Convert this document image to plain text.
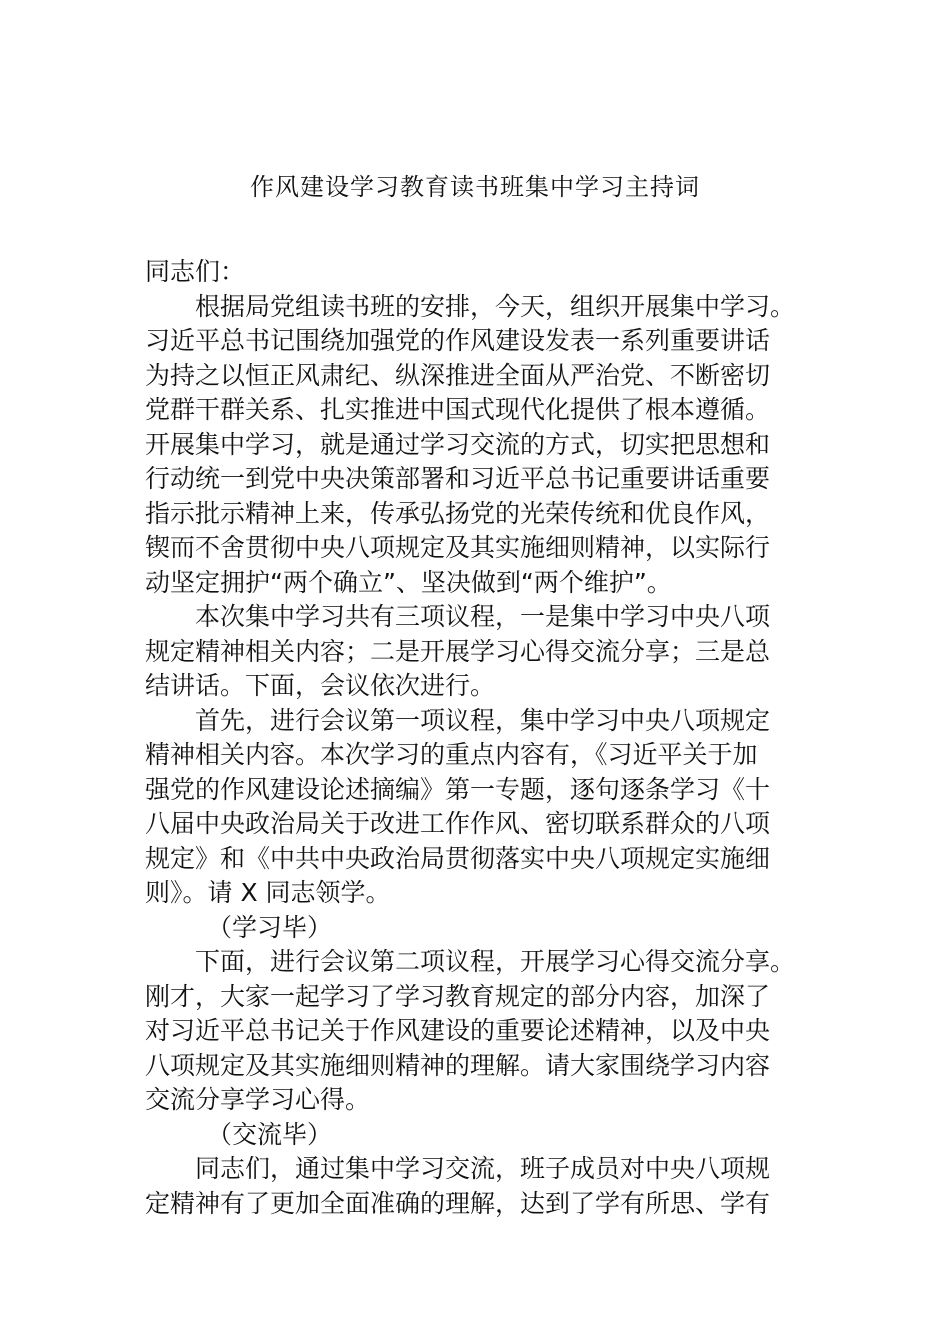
作风建设学习教育读书班集中学习主持词
同志们：
根据局党组读书班的安排，今天，组织开展集中学习。
习近平总书记围绕加强党的作风建设发表一系列重要讲话
为持之以恒正风肃纪、纵深推进全面从严治党、不断密切
党群干群关系、扎实推进中国式现代化提供了根本遵循。
开展集中学习，就是通过学习交流的方式，切实把思想和
行动统一到党中央决策部署和习近平总书记重要讲话重要
指示批示精神上来，传承弘扬党的光荣传统和优良作风，
锲而不舍贯彻中央八项规定及其实施细则精神，以实际行
动坚定拥护“两个确立”、坚决做到“两个维护”。
本次集中学习共有三项议程，一是集中学习中央八项
规定精神相关内容；二是开展学习心得交流分享；三是总
结讲话。下面，会议依次进行。
首先，进行会议第一项议程，集中学习中央八项规定
精神相关内容。本次学习的重点内容有，《习近平关于加
强党的作风建设论述摘编》第一专题，逐句逐条学习《十
八届中央政治局关于改进工作作风、密切联系群众的八项
规定》和《中共中央政治局贯彻落实中央八项规定实施细
则》。请 X 同志领学。
（学习毕）
下面，进行会议第二项议程，开展学习心得交流分享。
刚才，大家一起学习了学习教育规定的部分内容，加深了
对习近平总书记关于作风建设的重要论述精神，以及中央
八项规定及其实施细则精神的理解。请大家围绕学习内容
交流分享学习心得。
（交流毕）
同志们，通过集中学习交流，班子成员对中央八项规
定精神有了更加全面准确的理解，达到了学有所思、学有
